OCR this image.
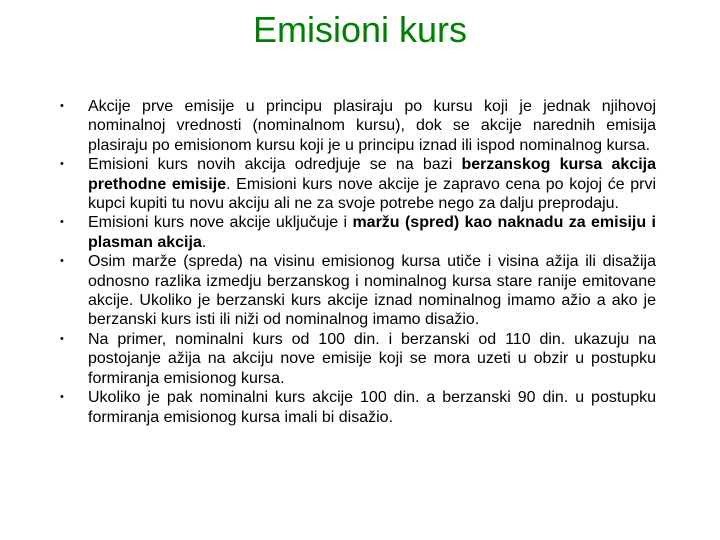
Emisioni kurs
• Akcije prve emisije u principu plasiraju po kursu koji je jednak njihovoj nominalnoj vrednosti (nominalnom kursu), dok se akcije narednih emisija plasiraju po emisionom kursu koji je u principu iznad ili ispod nominalnog kursa.
• Emisioni kurs novih akcija odredjuje se na bazi berzanskog kursa akcija prethodne emisije. Emisioni kurs nove akcije je zapravo cena po kojoj će prvi kupci kupiti tu novu akciju ali ne za svoje potrebe nego za dalju preprodaju.
• Emisioni kurs nove akcije uključuje i maržu (spred) kao naknadu za emisiju i plasman akcija.
• Osim marže (spreda) na visinu emisionog kursa utiče i visina ažija ili disažija odnosno razlika izmedju berzanskog i nominalnog kursa stare ranije emitovane akcije. Ukoliko je berzanski kurs akcije iznad nominalnog imamo ažio a ako je berzanski kurs isti ili niži od nominalnog imamo disažio.
• Na primer, nominalni kurs od 100 din. i berzanski od 110 din. ukazuju na postojanje ažija na akciju nove emisije koji se mora uzeti u obzir u postupku formiranja emisionog kursa.
• Ukoliko je pak nominalni kurs akcije 100 din. a berzanski 90 din. u postupku formiranja emisionog kursa imali bi disažio.
